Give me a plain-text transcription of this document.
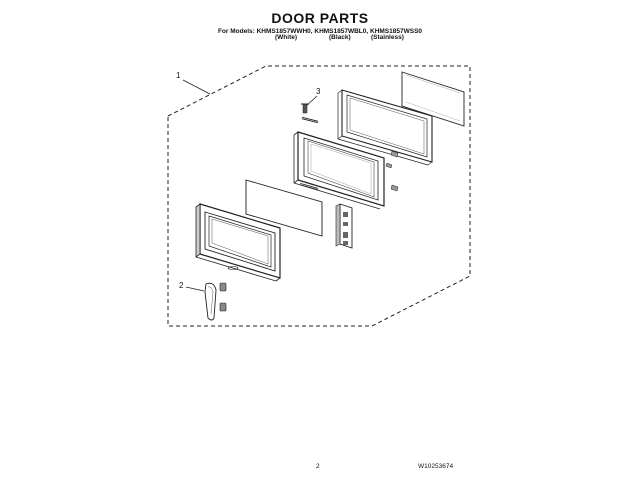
DOOR PARTS
For Models: KHMS1857WWH0, KHMS1857WBL0, KHMS1857WSS0
(White)	(Black)	(Stainless)
1
2
3
2	W10253674
